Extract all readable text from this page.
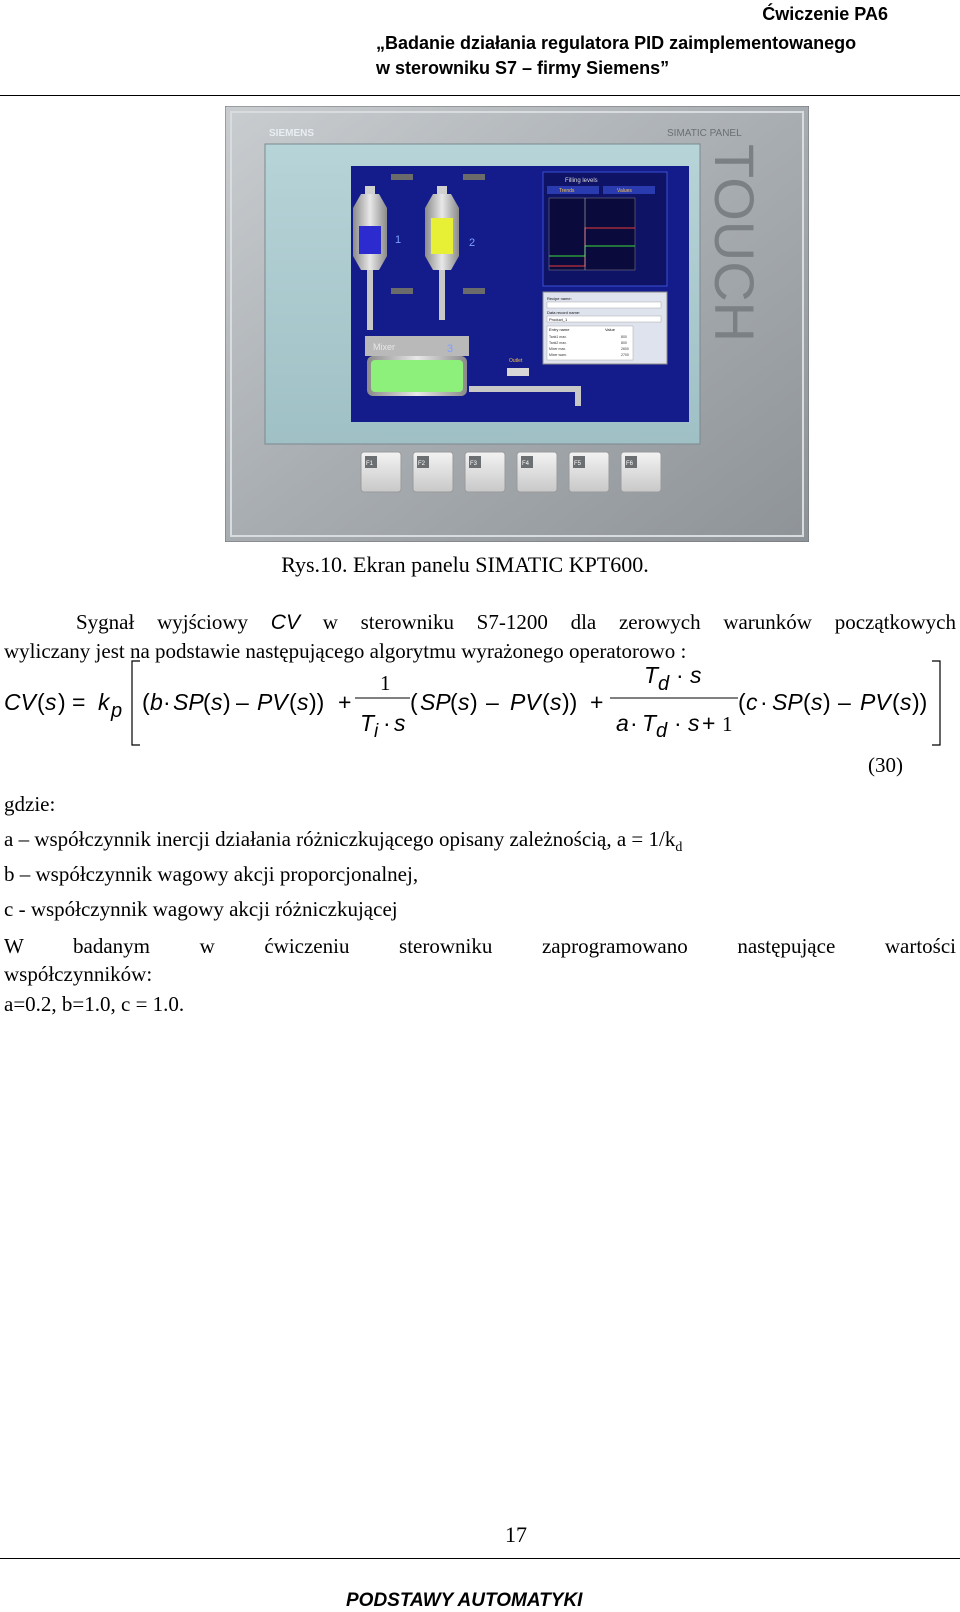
Ćwiczenie PA6
„Badanie działania regulatora PID zaimplementowanego
w sterowniku S7 – firmy Siemens”
SIEMENS	SIMATIC PANEL
TOUCH
1	2
Mixer	3
Outlet
Filling levels
Trends	Values
Recipe name:
Data record name:
Product_1
Entry name	Value
Tank1 max.	800
Tank2 max.	800
Mixer max.	2600
Mixer warn.	2700
F1	F2	F3	F4	F5	F6
Rys.10. Ekran panelu SIMATIC KPT600.
Sygnał wyjściowy CV w sterowniku S7-1200 dla zerowych warunków początkowych
wyliczany jest na podstawie następującego algorytmu wyrażonego operatorowo :
CV ( s ) = k p ( b · SP ( s ) – PV ( s )) +
1
T i · s
( SP ( s ) – PV ( s )) +
T d · s
a · T d · s + 1
( c · SP ( s ) – PV ( s ))
(30)
gdzie:
a – współczynnik inercji działania różniczkującego opisany zależnością, $a = 1/k_d$
b – współczynnik wagowy akcji proporcjonalnej,
c - współczynnik wagowy akcji różniczkującej
W badanym w ćwiczeniu sterowniku zaprogramowano następujące wartości
współczynników:
a=0.2, b=1.0, c = 1.0.
17
PODSTAWY AUTOMATYKI
